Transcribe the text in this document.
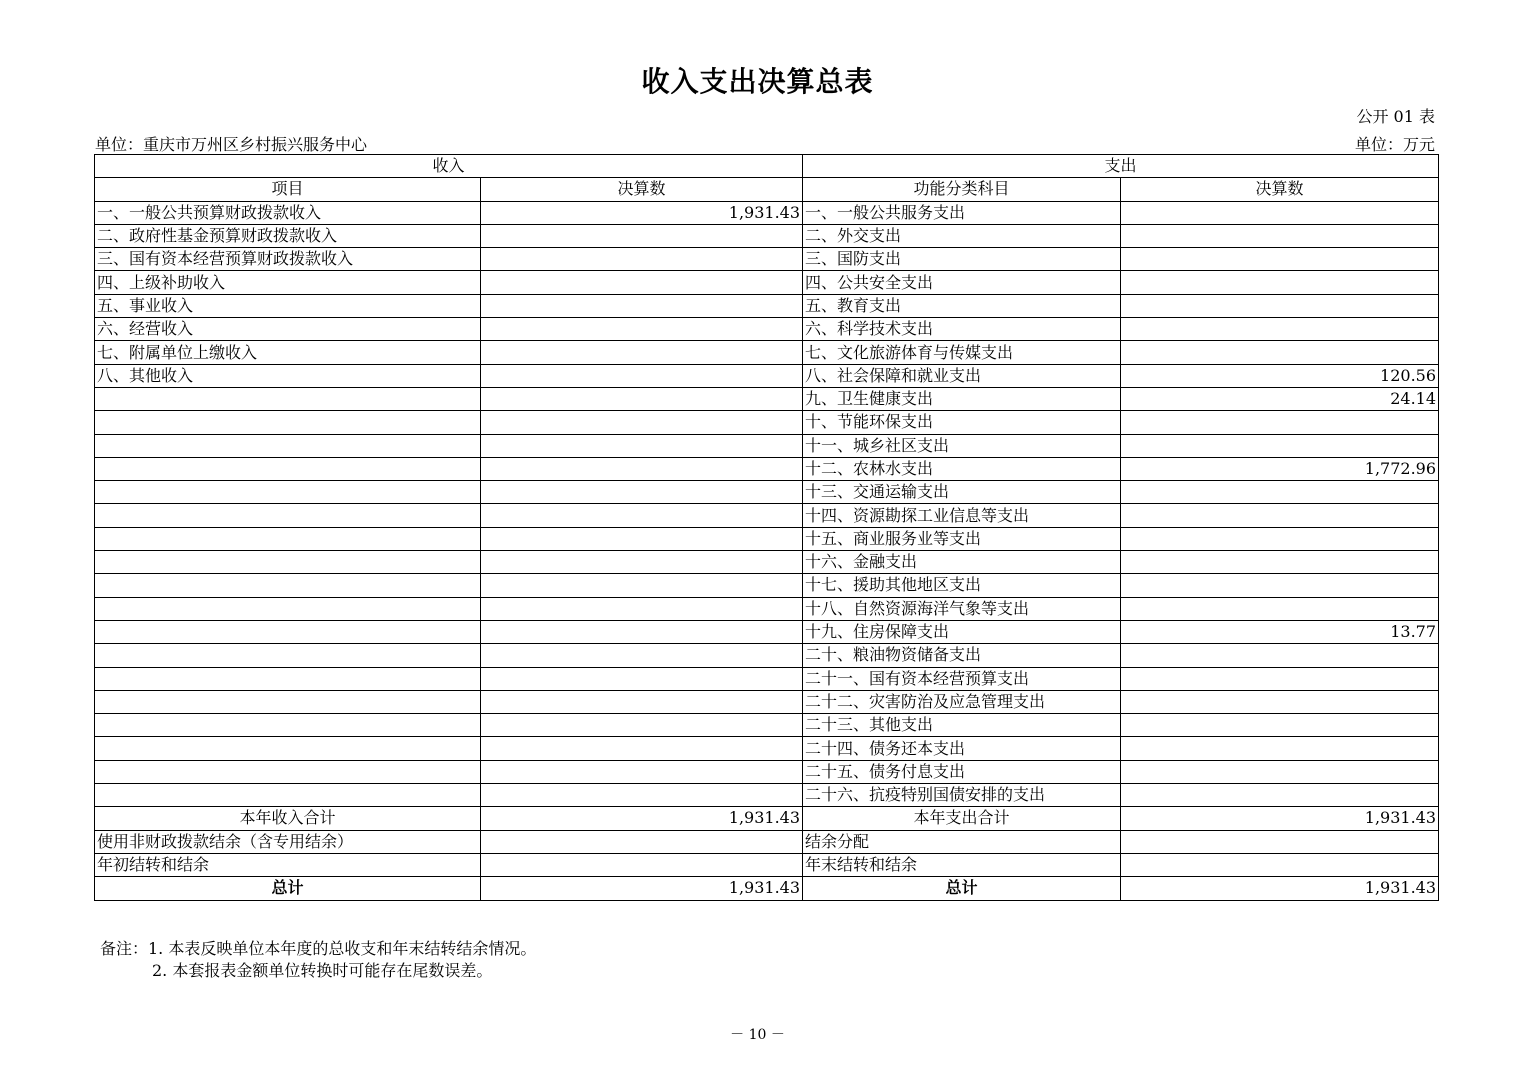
收入支出决算总表
公开 01 表
单位：重庆市万州区乡村振兴服务中心	单位：万元
收入		支出	
项目	决算数	功能分类科目	决算数
一、一般公共预算财政拨款收入	1,931.43	一、一般公共服务支出	
二、政府性基金预算财政拨款收入		二、外交支出	
三、国有资本经营预算财政拨款收入		三、国防支出	
四、上级补助收入		四、公共安全支出	
五、事业收入		五、教育支出	
六、经营收入		六、科学技术支出	
七、附属单位上缴收入		七、文化旅游体育与传媒支出	
八、其他收入		八、社会保障和就业支出	120.56
		九、卫生健康支出	24.14
		十、节能环保支出	
		十一、城乡社区支出	
		十二、农林水支出	1,772.96
		十三、交通运输支出	
		十四、资源勘探工业信息等支出	
		十五、商业服务业等支出	
		十六、金融支出	
		十七、援助其他地区支出	
		十八、自然资源海洋气象等支出	
		十九、住房保障支出	13.77
		二十、粮油物资储备支出	
		二十一、国有资本经营预算支出	
		二十二、灾害防治及应急管理支出	
		二十三、其他支出	
		二十四、债务还本支出	
		二十五、债务付息支出	
		二十六、抗疫特别国债安排的支出	
本年收入合计	1,931.43	本年支出合计	1,931.43
使用非财政拨款结余（含专用结余）		结余分配	
年初结转和结余		年末结转和结余	
总计	1,931.43	总计	1,931.43
备注：1. 本表反映单位本年度的总收支和年末结转结余情况。
2. 本套报表金额单位转换时可能存在尾数误差。
－ 10 －
